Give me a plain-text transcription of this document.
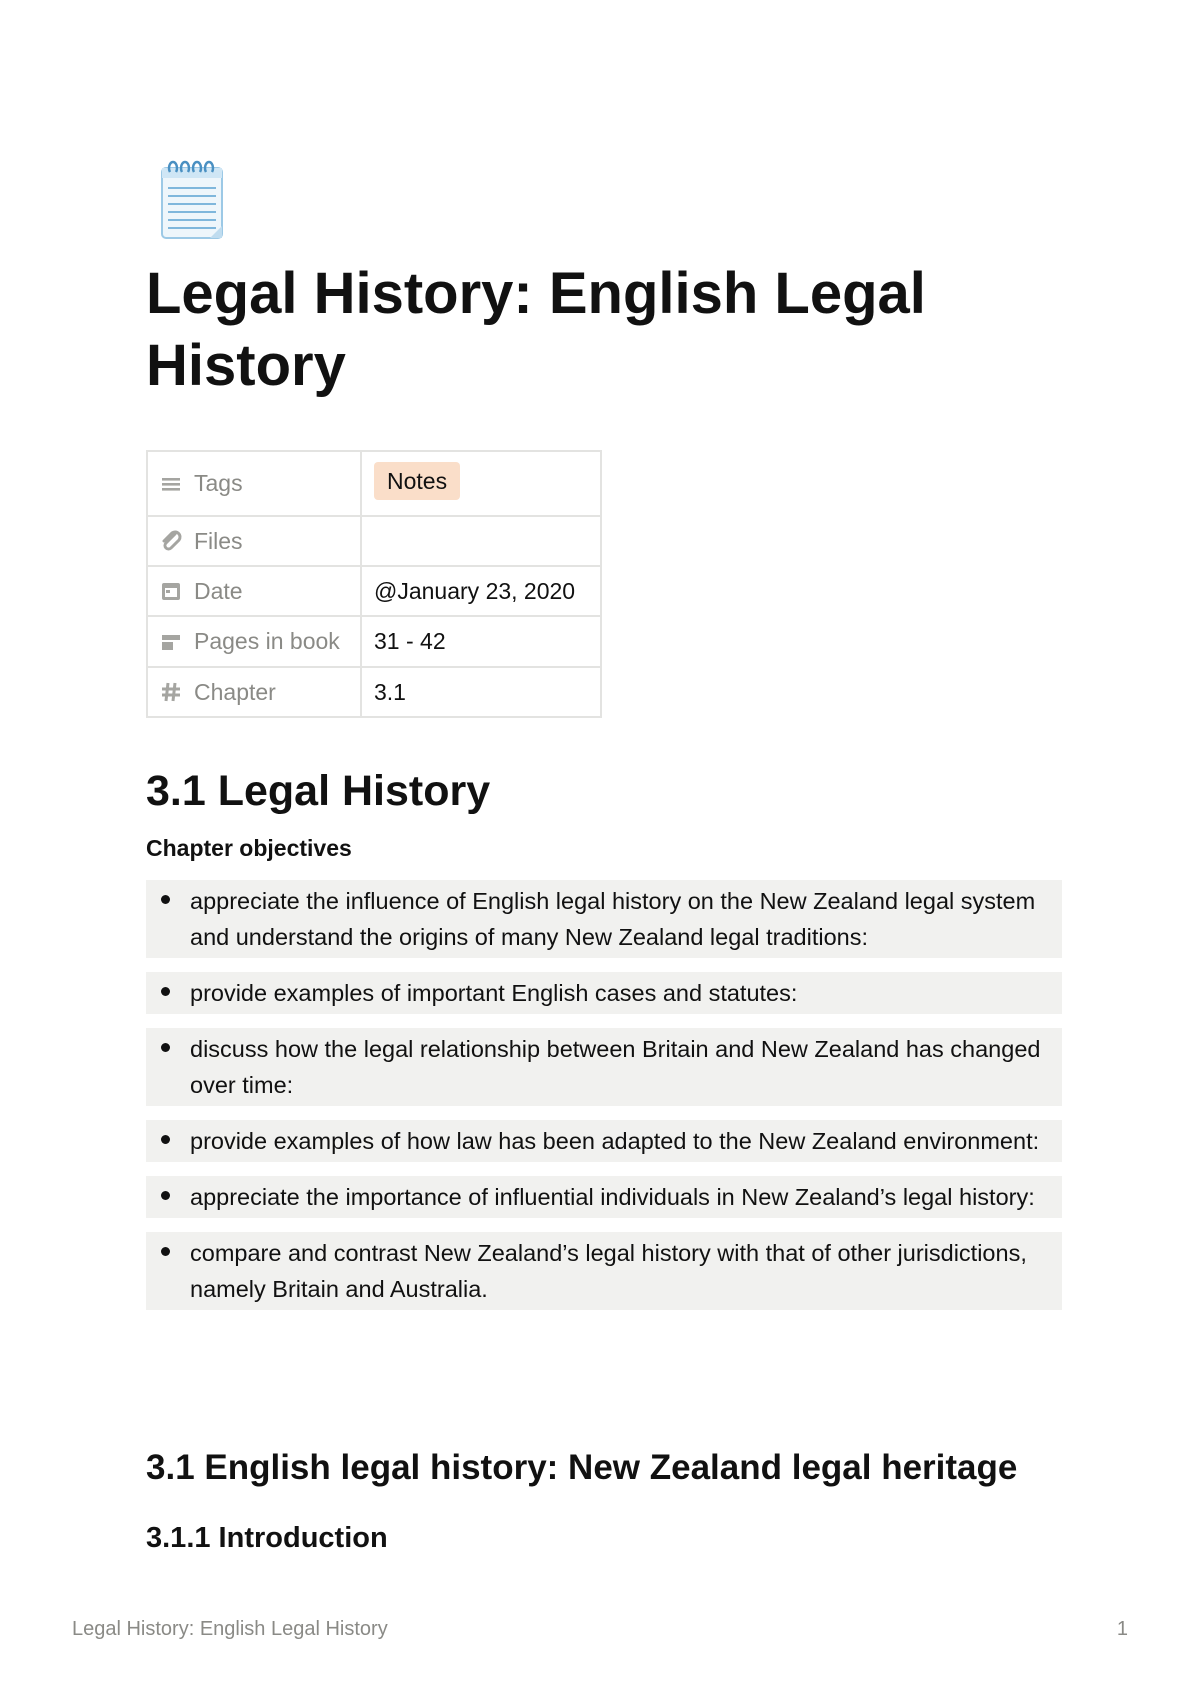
Legal History: English Legal History
Tags	Notes

Files	

Date	@January 23, 2020

Pages in book	31 - 42

Chapter	3.1
3.1 Legal History
Chapter objectives
appreciate the influence of English legal history on the New Zealand legal system and understand the origins of many New Zealand legal traditions:
provide examples of important English cases and statutes:
discuss how the legal relationship between Britain and New Zealand has changed over time:
provide examples of how law has been adapted to the New Zealand environment:
appreciate the importance of influential individuals in New Zealand’s legal history:
compare and contrast New Zealand’s legal history with that of other jurisdictions, namely Britain and Australia.
3.1 English legal history: New Zealand legal heritage
3.1.1 Introduction
Legal History: English Legal History	1
